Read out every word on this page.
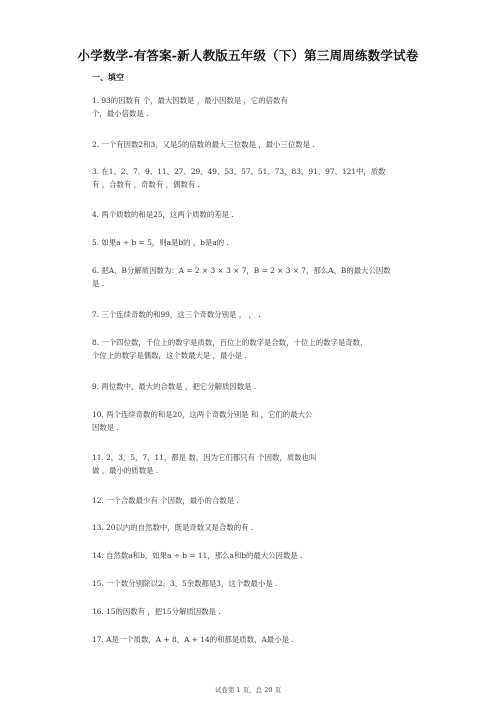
小学数学-有答案-新人教版五年级（下）第三周周练数学试卷
一、填空
1. 93的因数有 个，最大因数是 ，最小因数是 ，它的倍数有
个，最小倍数是 .
2. 一个有因数2和3，又是5的倍数的最大三位数是 ，最小三位数是 .
3. 在1、2、7、9、11、27、29、49、53、57、51、73、83、91、97、121中，质数
有 ，合数有 ，奇数有 ，偶数有 .
4. 两个质数的和是25，这两个质数的差是 .
5. 如果a ÷ b = 5，则a是b的 ，b是a的 .
6. 把A、B分解质因数为：A = 2 × 3 × 3 × 7，B = 2 × 3 × 7，那么A、B的最大公因数
是 .
7. 三个连续奇数的和99，这三个奇数分别是 ， ， .
8. 一个四位数，千位上的数字是质数，百位上的数字是合数，十位上的数字是奇数，
个位上的数字是偶数，这个数最大是 ，最小是 .
9. 两位数中，最大的合数是 ，把它分解质因数是 .
10. 两个连续奇数的和是20，这两个奇数分别是 和 ，它们的最大公
因数是 .
11. 2，3，5，7，11，都是 数，因为它们都只有 个因数，质数也叫
做 ，最小的质数是 .
12. 一个合数最少有 个因数，最小的合数是 .
13. 20以内的自然数中，既是奇数又是合数的有 .
14. 自然数a和b，如果a ÷ b = 11，那么a和b的最大公因数是 .
15. 一个数分别除以2、3、5余数都是3，这个数最小是 .
16. 15的因数有 ，把15分解质因数是 .
17. A是一个质数，A + 8，A + 14的和都是质数，A最小是 .
试卷第 1 页，总 20 页
